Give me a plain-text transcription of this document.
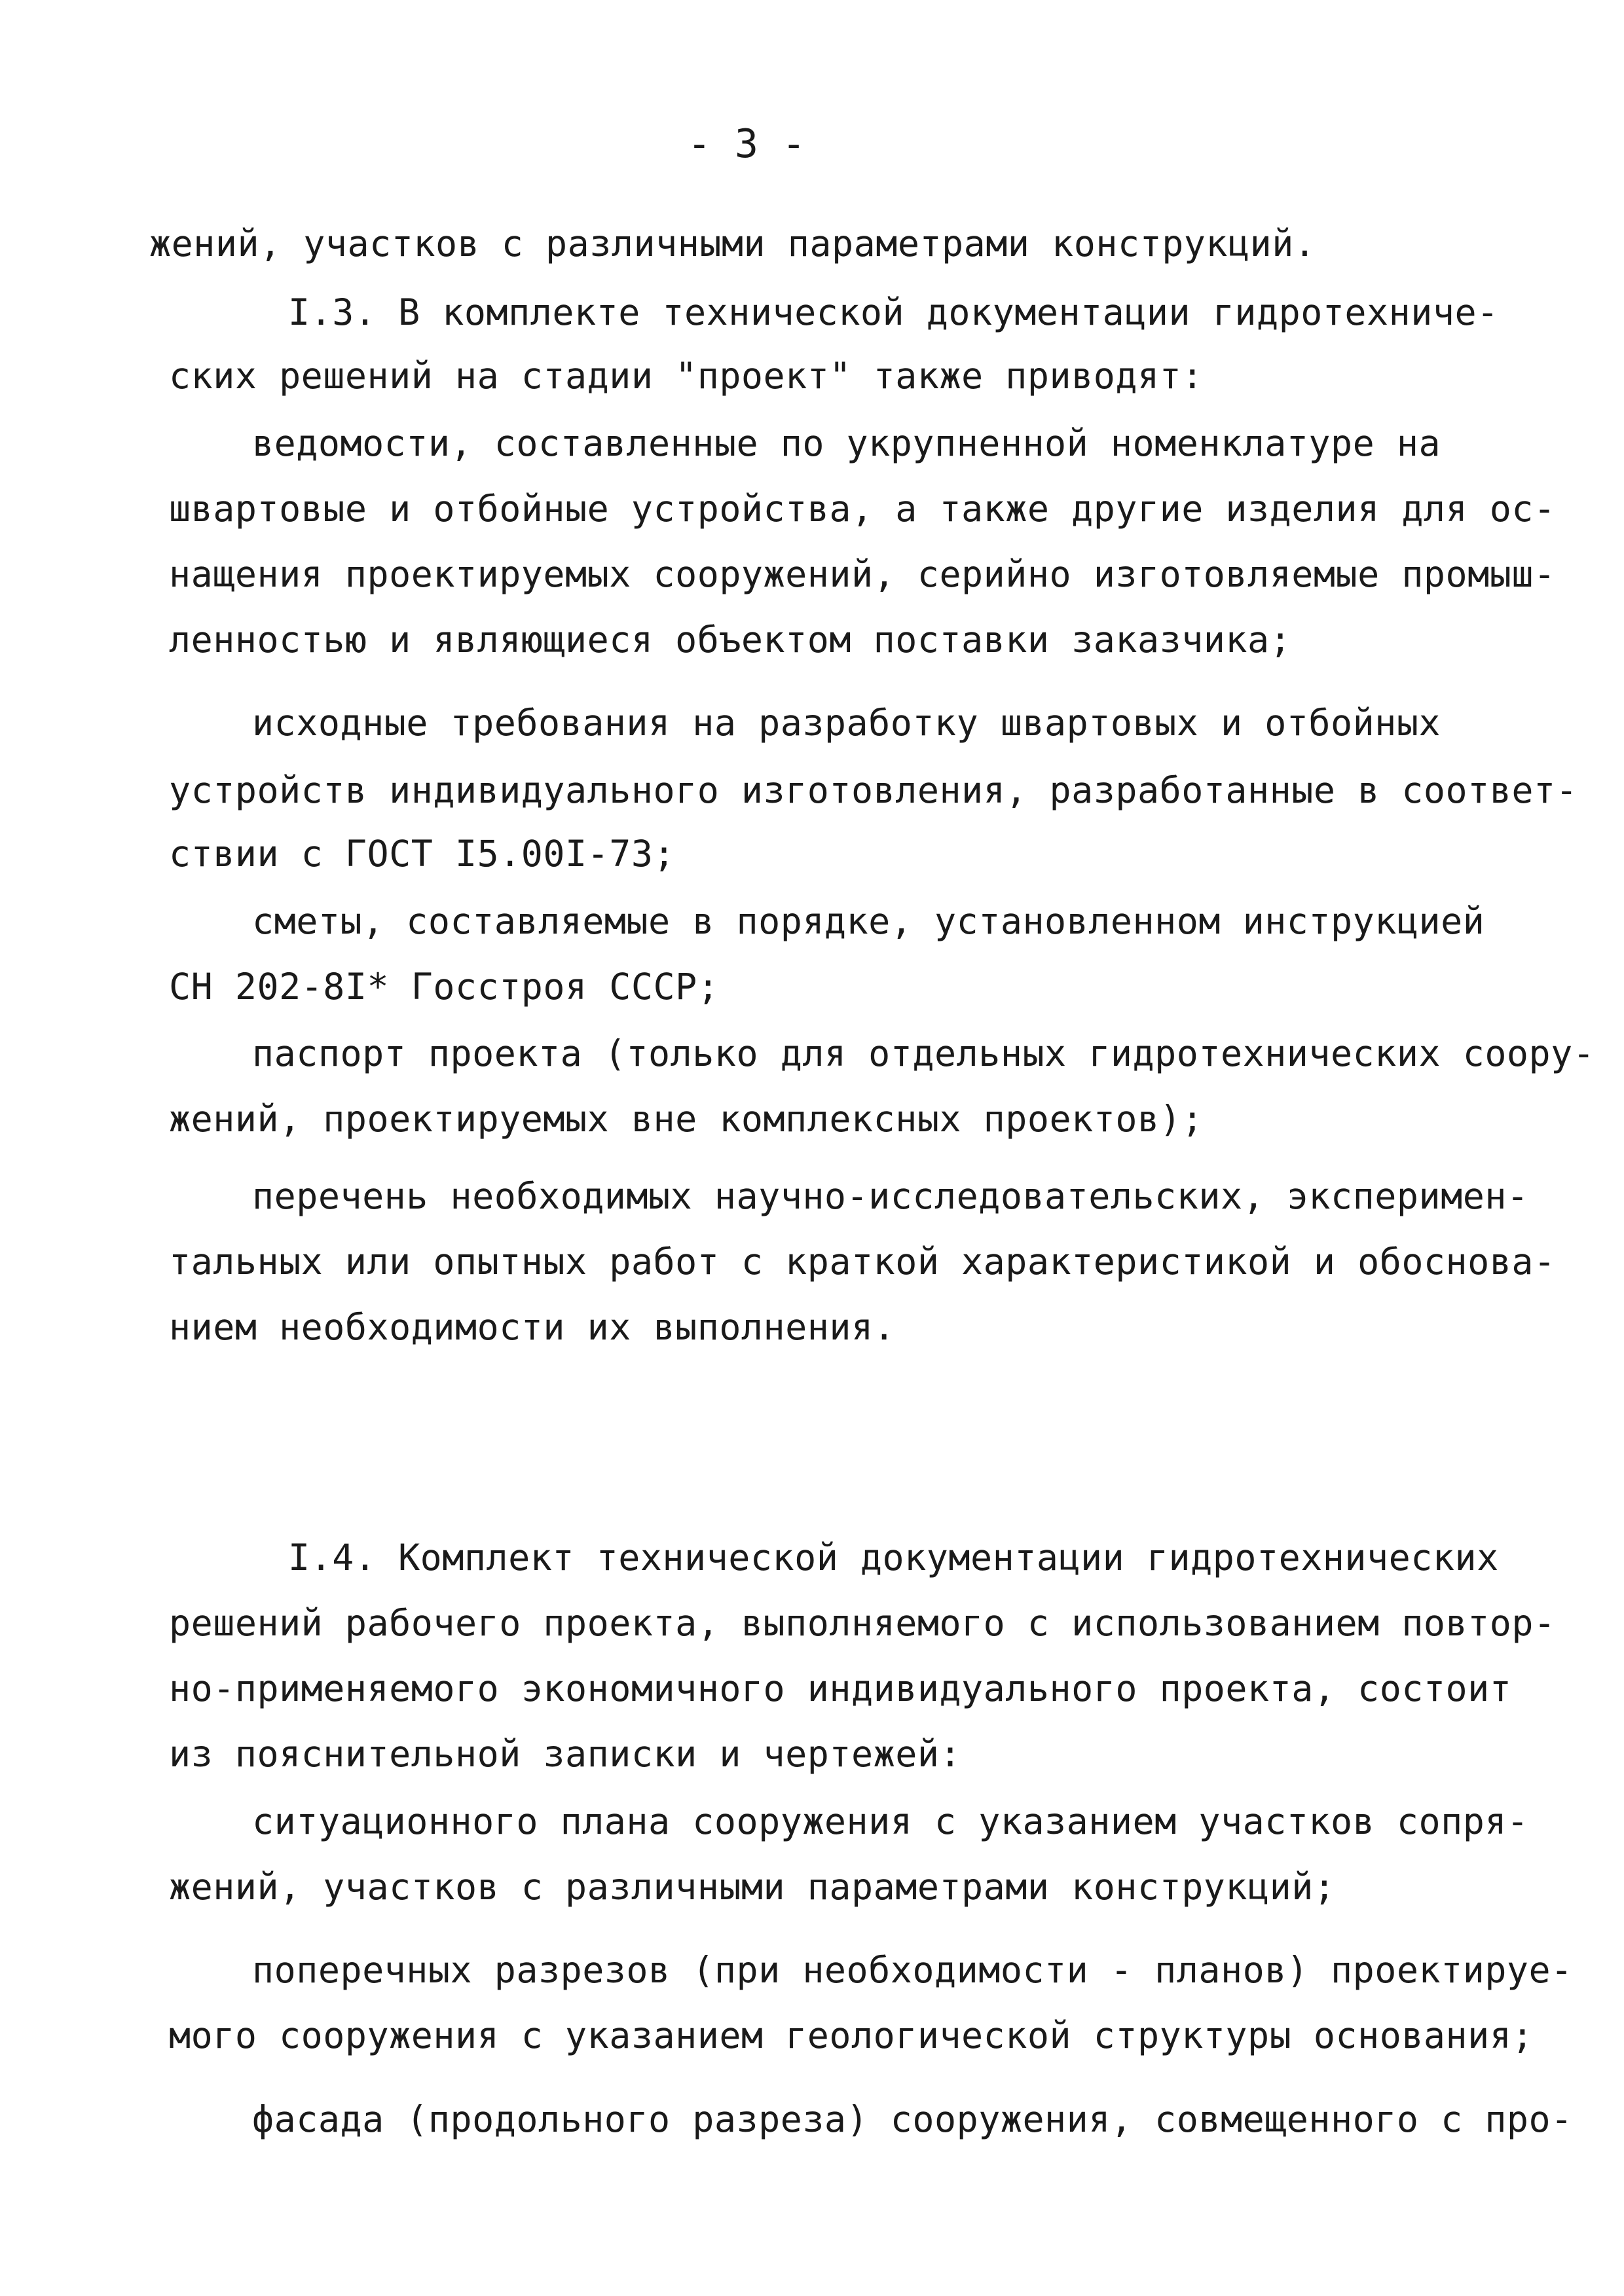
- 3 -
жений, участков с различными параметрами конструкций.
I.3. В комплекте технической документации гидротехниче-
ских решений на стадии "проект" также приводят:
ведомости, составленные по укрупненной номенклатуре на
швартовые и отбойные устройства, а также другие изделия для ос-
нащения проектируемых сооружений, серийно изготовляемые промыш-
ленностью и являющиеся объектом поставки заказчика;
исходные требования на разработку швартовых и отбойных
устройств индивидуального изготовления, разработанные в соответ-
ствии с ГОСТ I5.00I-73;
сметы, составляемые в порядке, установленном инструкцией
СН 202-8I* Госстроя СССР;
паспорт проекта (только для отдельных гидротехнических соору-
жений, проектируемых вне комплексных проектов);
перечень необходимых научно-исследовательских, эксперимен-
тальных или опытных работ с краткой характеристикой и обоснова-
нием необходимости их выполнения.
I.4. Комплект технической документации гидротехнических
решений рабочего проекта, выполняемого с использованием повтор-
но-применяемого экономичного индивидуального проекта, состоит
из пояснительной записки и чертежей:
ситуационного плана сооружения с указанием участков сопря-
жений, участков с различными параметрами конструкций;
поперечных разрезов (при необходимости - планов) проектируе-
мого сооружения с указанием геологической структуры основания;
фасада (продольного разреза) сооружения, совмещенного с про-
